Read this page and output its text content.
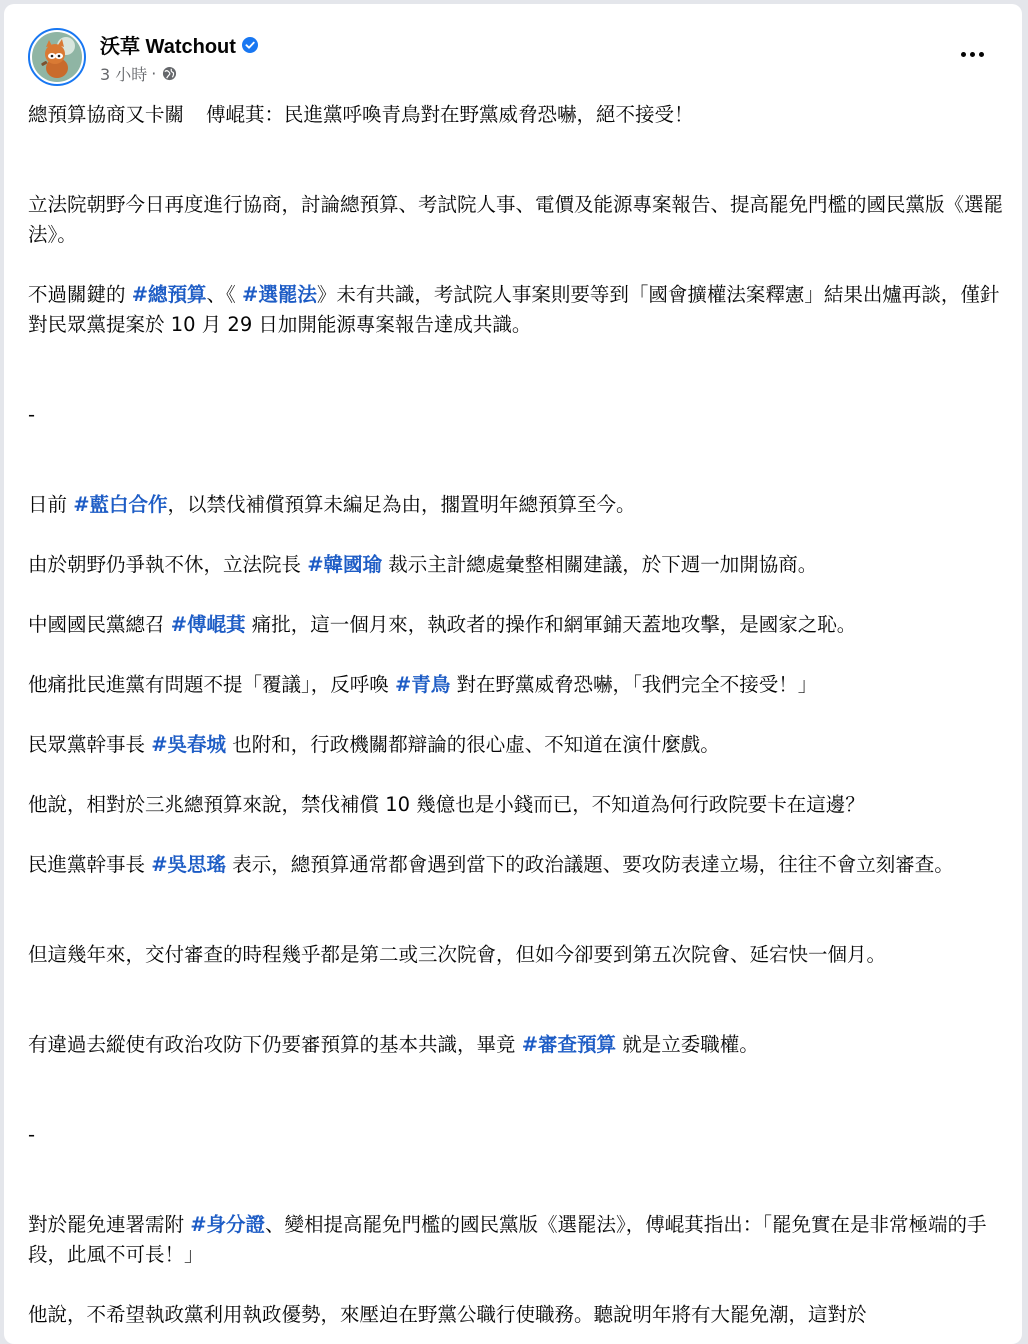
沃草 Watchout
3 小時 ·

總預算協商又卡關 傅崐萁：民進黨呼喚青鳥對在野黨威脅恐嚇，絕不接受！

立法院朝野今日再度進行協商，討論總預算、考試院人事、電價及能源專案報告、提高罷免門檻的國民黨版《選罷法》。

不過關鍵的 #總預算、《 #選罷法》未有共識，考試院人事案則要等到「國會擴權法案釋憲」結果出爐再談，僅針對民眾黨提案於 10 月 29 日加開能源專案報告達成共識。

-

日前 #藍白合作，以禁伐補償預算未編足為由，擱置明年總預算至今。

由於朝野仍爭執不休，立法院長 #韓國瑜 裁示主計總處彙整相關建議，於下週一加開協商。

中國國民黨總召 #傅崐萁 痛批，這一個月來，執政者的操作和網軍鋪天蓋地攻擊，是國家之恥。

他痛批民進黨有問題不提「覆議」，反呼喚 #青鳥 對在野黨威脅恐嚇，「我們完全不接受！」

民眾黨幹事長 #吳春城 也附和，行政機關都辯論的很心虛、不知道在演什麼戲。

他說，相對於三兆總預算來說，禁伐補償 10 幾億也是小錢而已，不知道為何行政院要卡在這邊？

民進黨幹事長 #吳思瑤 表示，總預算通常都會遇到當下的政治議題、要攻防表達立場，往往不會立刻審查。

但這幾年來，交付審查的時程幾乎都是第二或三次院會，但如今卻要到第五次院會、延宕快一個月。

有違過去縱使有政治攻防下仍要審預算的基本共識，畢竟 #審查預算 就是立委職權。

-

對於罷免連署需附 #身分證、變相提高罷免門檻的國民黨版《選罷法》，傅崐萁指出：「罷免實在是非常極端的手段，此風不可長！」

他說，不希望執政黨利用執政優勢，來壓迫在野黨公職行使職務。聽說明年將有大罷免潮，這對於
